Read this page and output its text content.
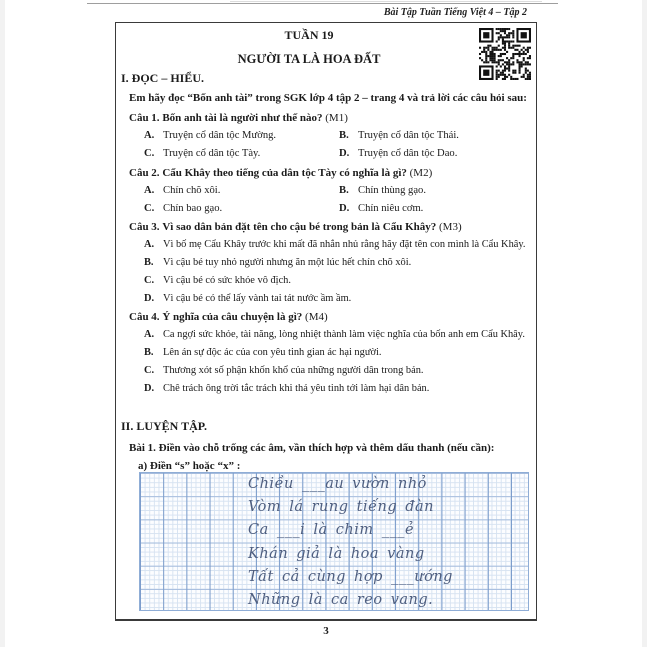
Bài Tập Tuần Tiếng Việt 4 – Tập 2
TUẦN 19
NGƯỜI TA LÀ HOA ĐẤT
I. ĐỌC – HIỂU.
Em hãy đọc “Bốn anh tài” trong SGK lớp 4 tập 2 – trang 4 và trả lời các câu hỏi sau:
Câu 1. Bốn anh tài là người như thế nào? (M1)
A. Truyện cổ dân tộc Mường.	B. Truyện cổ dân tộc Thái.
C. Truyện cổ dân tộc Tày.	D. Truyện cổ dân tộc Dao.
Câu 2. Cẩu Khây theo tiếng của dân tộc Tày có nghĩa là gì? (M2)
A. Chín chõ xôi.	B. Chín thùng gạo.
C. Chín bao gạo.	D. Chín niêu cơm.
Câu 3. Vì sao dân bản đặt tên cho cậu bé trong bản là Cẩu Khây? (M3)
A. Vì bố mẹ Cẩu Khây trước khi mất đã nhắn nhủ rằng hãy đặt tên con mình là Cẩu Khây.
B. Vì cậu bé tuy nhỏ người nhưng ăn một lúc hết chín chõ xôi.
C. Vì cậu bé có sức khỏe vô địch.
D. Vì cậu bé có thể lấy vành tai tát nước ầm ầm.
Câu 4. Ý nghĩa của câu chuyện là gì? (M4)
A. Ca ngợi sức khỏe, tài năng, lòng nhiệt thành làm việc nghĩa của bốn anh em Cẩu Khây.
B. Lên án sự độc ác của con yêu tinh gian ác hại người.
C. Thương xót số phận khốn khổ của những người dân trong bản.
D. Chê trách ông trời tắc trách khi thả yêu tinh tới làm hại dân bản.
II. LUYỆN TẬP.
Bài 1. Điền vào chỗ trống các âm, vần thích hợp và thêm dấu thanh (nếu cần):
a) Điền “s” hoặc “x” :
Chiều ___au vườn nhỏ
Vòm lá rung tiếng đàn
Ca ___i là chim ___ẻ
Khán giả là hoa vàng
Tất cả cùng hợp ___ướng
Những là ca reo vang.
3
